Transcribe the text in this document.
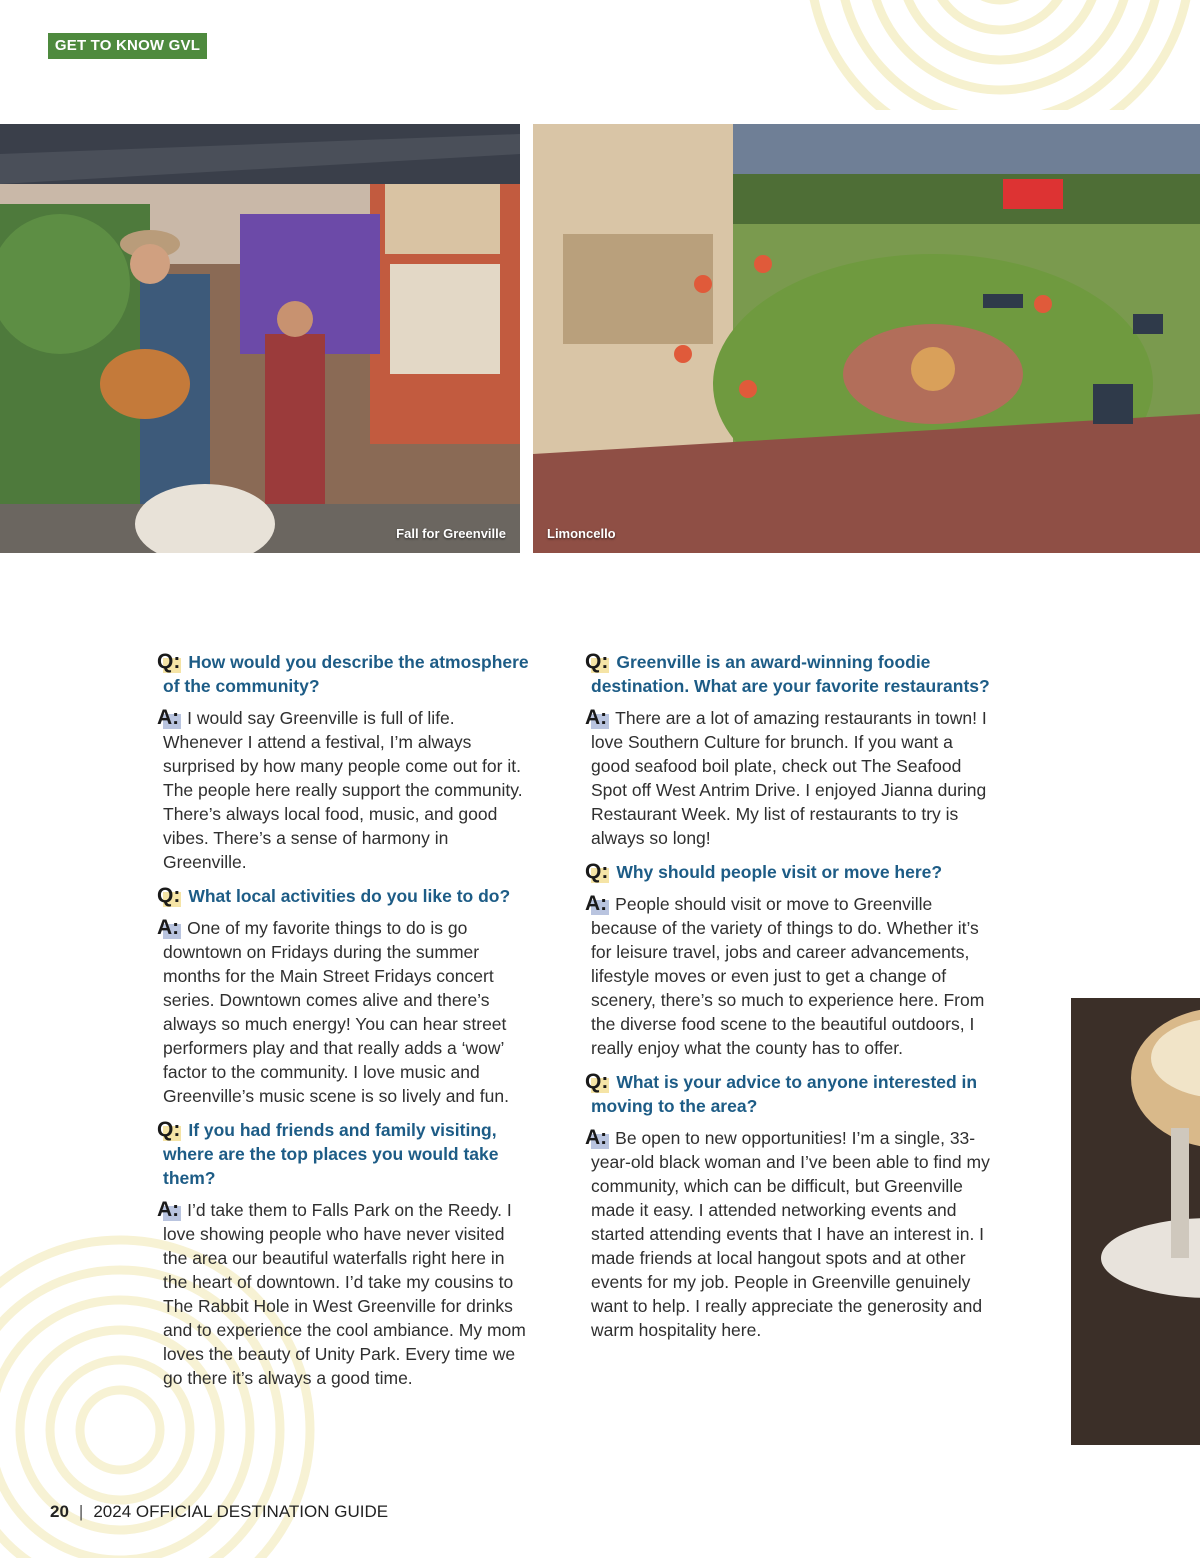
GET TO KNOW GVL
Fall for Greenville	Limoncello
Q: How would you describe the atmosphere of the community?
A: I would say Greenville is full of life. Whenever I attend a festival, I’m always surprised by how many people come out for it. The people here really support the community. There’s always local food, music, and good vibes. There’s a sense of harmony in Greenville.
Q: What local activities do you like to do?
A: One of my favorite things to do is go downtown on Fridays during the summer months for the Main Street Fridays concert series. Downtown comes alive and there’s always so much energy! You can hear street performers play and that really adds a ‘wow’ factor to the community. I love music and Greenville’s music scene is so lively and fun.
Q: If you had friends and family visiting, where are the top places you would take them?
A: I’d take them to Falls Park on the Reedy. I love showing people who have never visited the area our beautiful waterfalls right here in the heart of downtown. I’d take my cousins to The Rabbit Hole in West Greenville for drinks and to experience the cool ambiance. My mom loves the beauty of Unity Park. Every time we go there it’s always a good time.
Q: Greenville is an award-winning foodie destination. What are your favorite restaurants?
A: There are a lot of amazing restaurants in town! I love Southern Culture for brunch. If you want a good seafood boil plate, check out The Seafood Spot off West Antrim Drive. I enjoyed Jianna during Restaurant Week. My list of restaurants to try is always so long!
Q: Why should people visit or move here?
A: People should visit or move to Greenville because of the variety of things to do. Whether it’s for leisure travel, jobs and career advancements, lifestyle moves or even just to get a change of scenery, there’s so much to experience here. From the diverse food scene to the beautiful outdoors, I really enjoy what the county has to offer.
Q: What is your advice to anyone interested in moving to the area?
A: Be open to new opportunities! I’m a single, 33-year-old black woman and I’ve been able to find my community, which can be difficult, but Greenville made it easy. I attended networking events and started attending events that I have an interest in. I made friends at local hangout spots and at other events for my job. People in Greenville genuinely want to help. I really appreciate the generosity and warm hospitality here.
20 | 2024 OFFICIAL DESTINATION GUIDE
